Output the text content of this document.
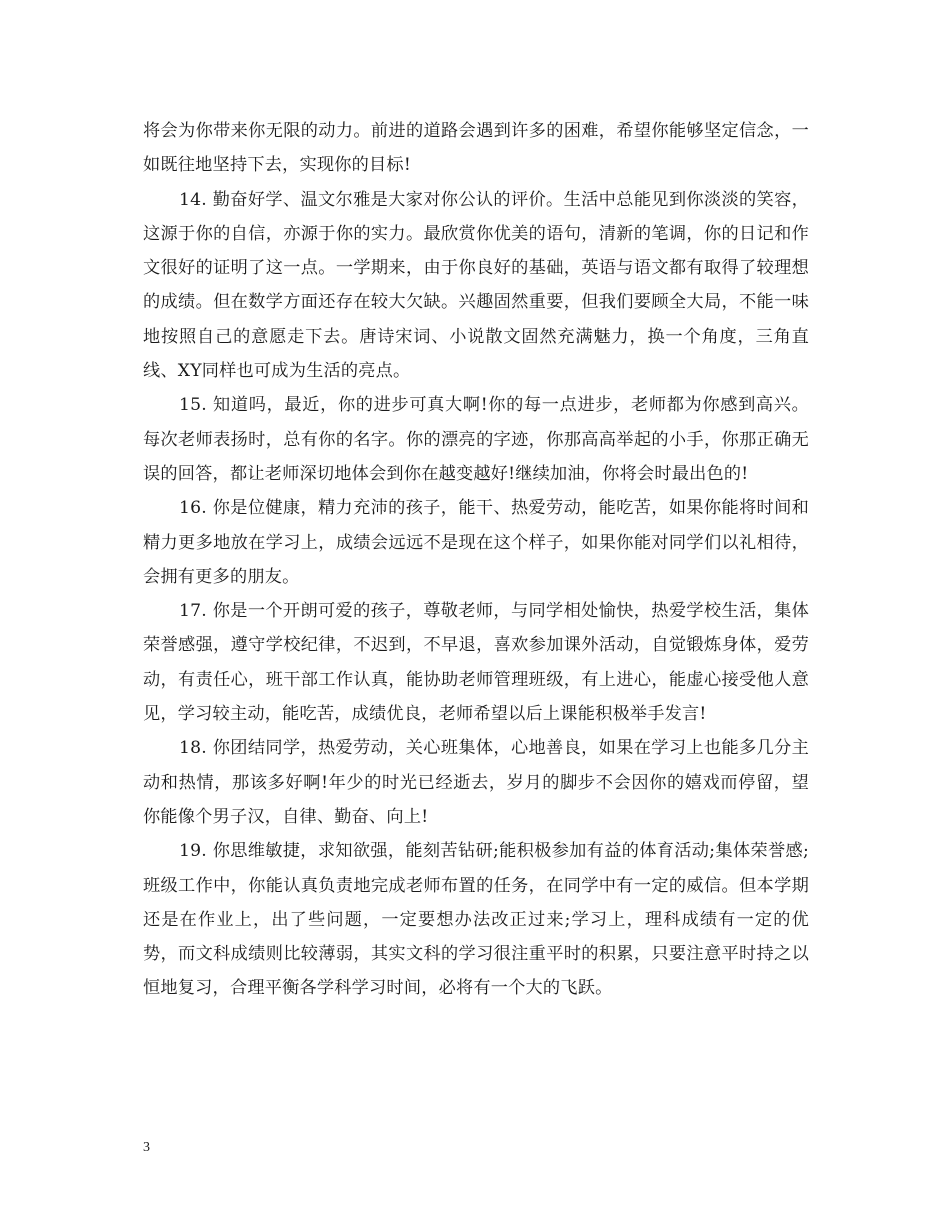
将会为你带来你无限的动力。前进的道路会遇到许多的困难，希望你能够坚定信念，一如既往地坚持下去，实现你的目标!

14. 勤奋好学、温文尔雅是大家对你公认的评价。生活中总能见到你淡淡的笑容，这源于你的自信，亦源于你的实力。最欣赏你优美的语句，清新的笔调，你的日记和作文很好的证明了这一点。一学期来，由于你良好的基础，英语与语文都有取得了较理想的成绩。但在数学方面还存在较大欠缺。兴趣固然重要，但我们要顾全大局，不能一味地按照自己的意愿走下去。唐诗宋词、小说散文固然充满魅力，换一个角度，三角直线、XY同样也可成为生活的亮点。

15. 知道吗，最近，你的进步可真大啊!你的每一点进步，老师都为你感到高兴。每次老师表扬时，总有你的名字。你的漂亮的字迹，你那高高举起的小手，你那正确无误的回答，都让老师深切地体会到你在越变越好!继续加油，你将会时最出色的!

16. 你是位健康，精力充沛的孩子，能干、热爱劳动，能吃苦，如果你能将时间和精力更多地放在学习上，成绩会远远不是现在这个样子，如果你能对同学们以礼相待，会拥有更多的朋友。

17. 你是一个开朗可爱的孩子，尊敬老师，与同学相处愉快，热爱学校生活，集体荣誉感强，遵守学校纪律，不迟到，不早退，喜欢参加课外活动，自觉锻炼身体，爱劳动，有责任心，班干部工作认真，能协助老师管理班级，有上进心，能虚心接受他人意见，学习较主动，能吃苦，成绩优良，老师希望以后上课能积极举手发言!

18. 你团结同学，热爱劳动，关心班集体，心地善良，如果在学习上也能多几分主动和热情，那该多好啊!年少的时光已经逝去，岁月的脚步不会因你的嬉戏而停留，望你能像个男子汉，自律、勤奋、向上!

19. 你思维敏捷，求知欲强，能刻苦钻研;能积极参加有益的体育活动;集体荣誉感;班级工作中，你能认真负责地完成老师布置的任务，在同学中有一定的威信。但本学期还是在作业上，出了些问题，一定要想办法改正过来;学习上，理科成绩有一定的优势，而文科成绩则比较薄弱，其实文科的学习很注重平时的积累，只要注意平时持之以恒地复习，合理平衡各学科学习时间，必将有一个大的飞跃。

3
